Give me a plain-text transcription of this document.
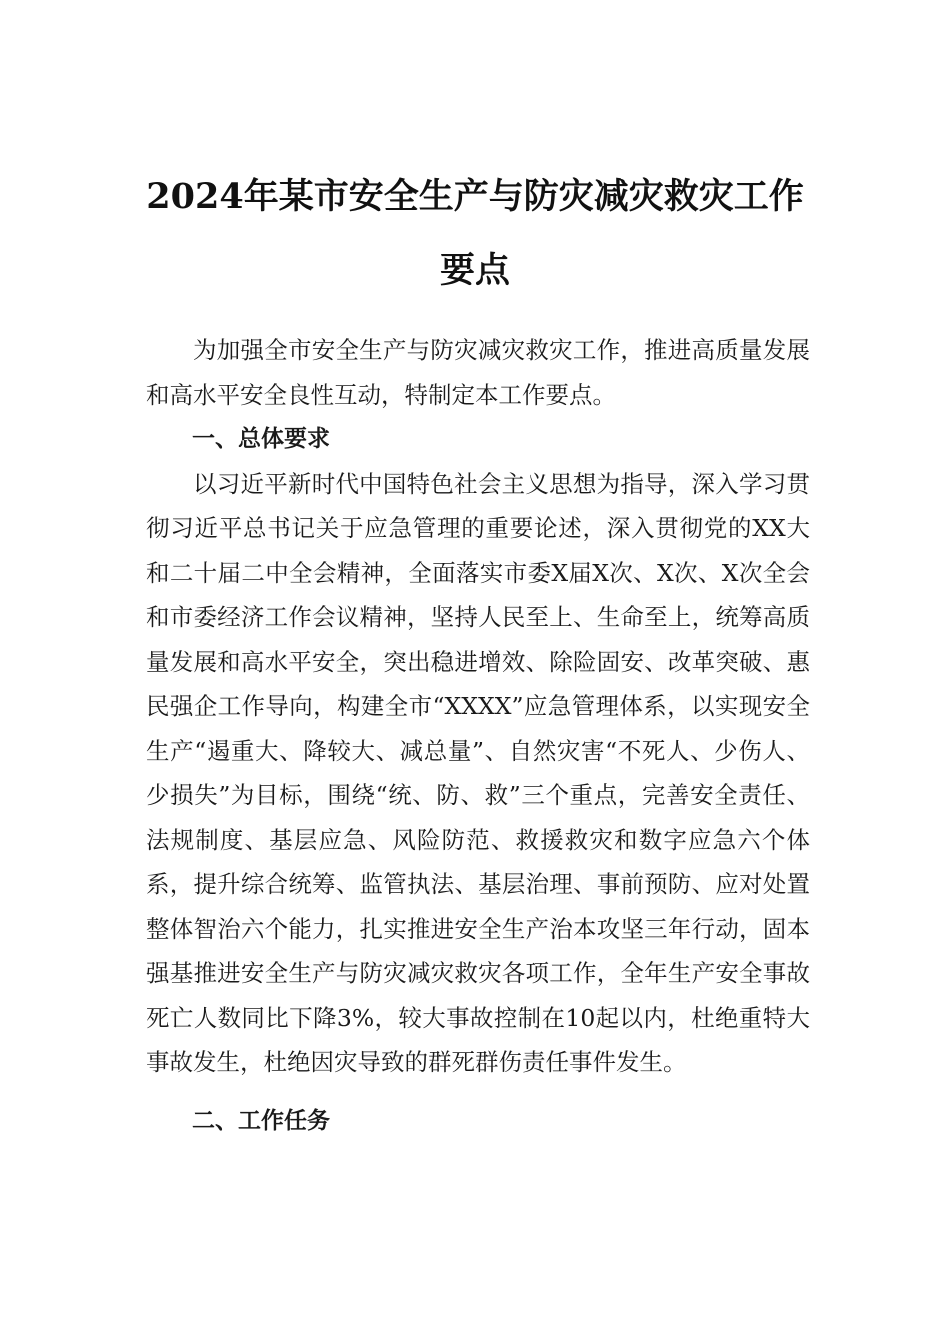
2024年某市安全生产与防灾减灾救灾工作
要点

为加强全市安全生产与防灾减灾救灾工作，推进高质量发展和高水平安全良性互动，特制定本工作要点。

一、总体要求

以习近平新时代中国特色社会主义思想为指导，深入学习贯彻习近平总书记关于应急管理的重要论述，深入贯彻党的XX大和二十届二中全会精神，全面落实市委X届X次、X次、X次全会和市委经济工作会议精神，坚持人民至上、生命至上，统筹高质量发展和高水平安全，突出稳进增效、除险固安、改革突破、惠民强企工作导向，构建全市“XXXX”应急管理体系，以实现安全生产“遏重大、降较大、减总量”、自然灾害“不死人、少伤人、少损失”为目标，围绕“统、防、救”三个重点，完善安全责任、法规制度、基层应急、风险防范、救援救灾和数字应急六个体系，提升综合统筹、监管执法、基层治理、事前预防、应对处置整体智治六个能力，扎实推进安全生产治本攻坚三年行动，固本强基推进安全生产与防灾减灾救灾各项工作，全年生产安全事故死亡人数同比下降3%，较大事故控制在10起以内，杜绝重特大事故发生，杜绝因灾导致的群死群伤责任事件发生。

二、工作任务
